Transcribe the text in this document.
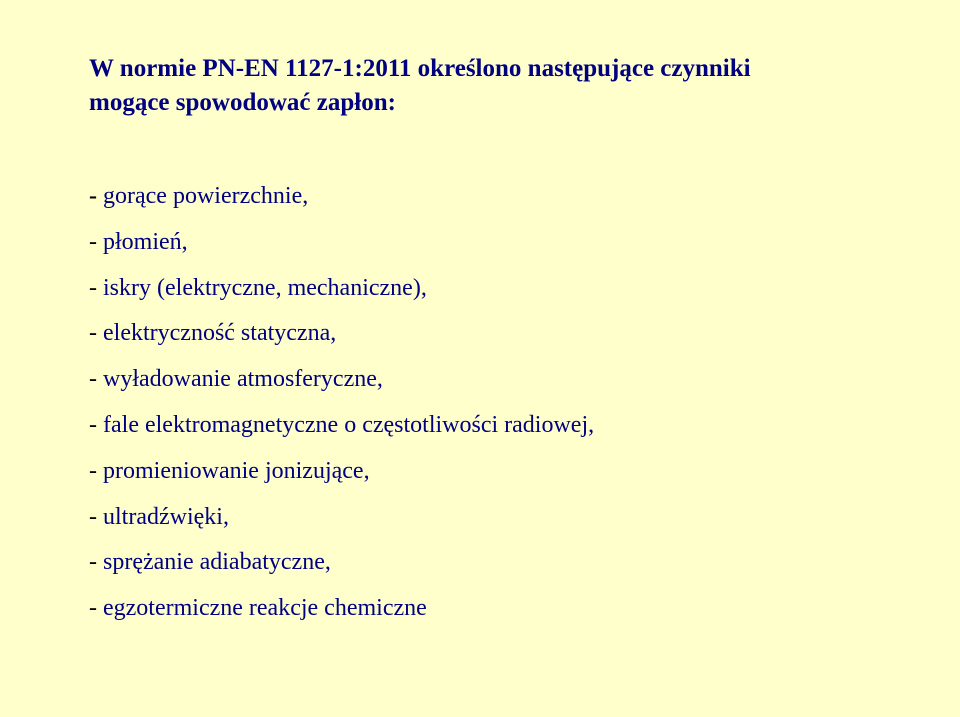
W normie PN-EN 1127-1:2011 określono następujące czynniki
mogące spowodować zapłon:
- gorące powierzchnie,
- płomień,
- iskry (elektryczne, mechaniczne),
- elektryczność statyczna,
- wyładowanie atmosferyczne,
- fale elektromagnetyczne o częstotliwości radiowej,
- promieniowanie jonizujące,
- ultradźwięki,
- sprężanie adiabatyczne,
- egzotermiczne reakcje chemiczne
